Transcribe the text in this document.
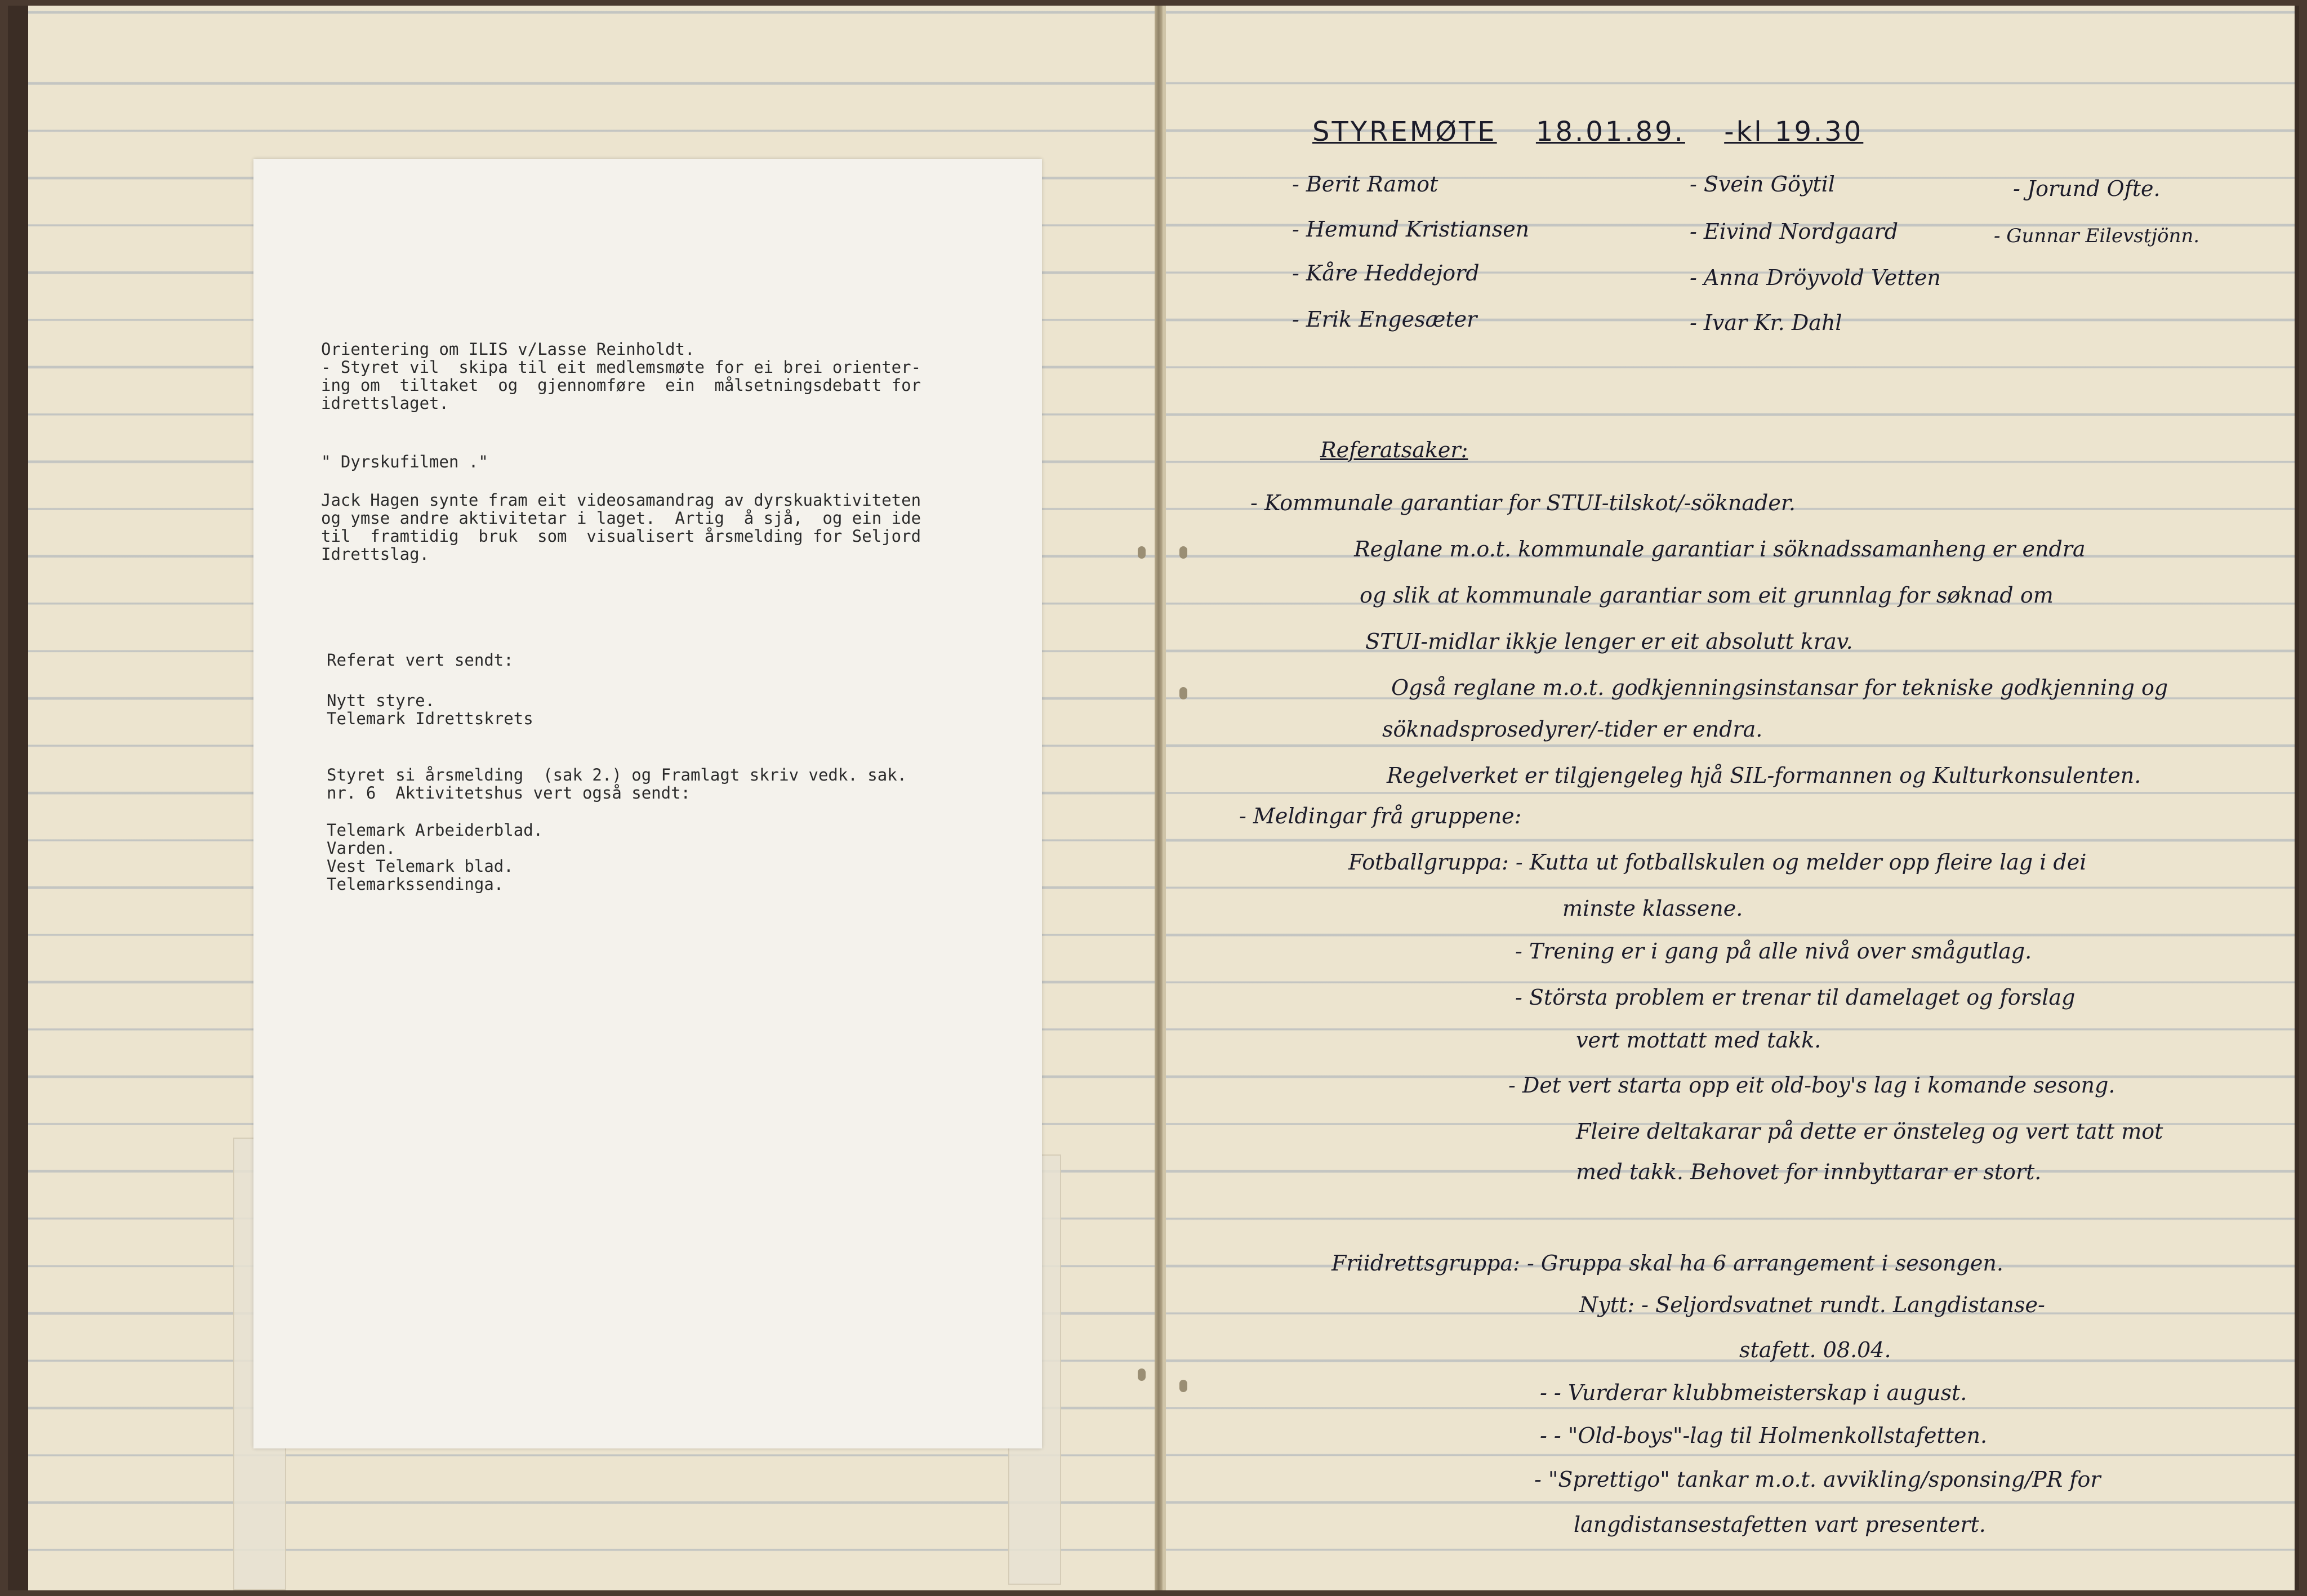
Orientering om ILIS v/Lasse Reinholdt.
- Styret vil  skipa til eit medlemsmøte for ei brei orienter-
ing om  tiltaket  og  gjennomføre  ein  målsetningsdebatt for
idrettslaget.
" Dyrskufilmen ."
Jack Hagen synte fram eit videosamandrag av dyrskuaktiviteten
og ymse andre aktivitetar i laget.  Artig  å sjå,  og ein ide
til  framtidig  bruk  som  visualisert årsmelding for Seljord
Idrettslag.
Referat vert sendt:
Nytt styre.
Telemark Idrettskrets
Styret si årsmelding  (sak 2.) og Framlagt skriv vedk. sak.
nr. 6  Aktivitetshus vert også sendt:
Telemark Arbeiderblad.
Varden.
Vest Telemark blad.
Telemarkssendinga.
STYREMØTE 18.01.89. -kl 19.30
- Berit Ramot
- Hemund Kristiansen
- Kåre Heddejord
- Erik Engesæter
- Svein Göytil
- Eivind Nordgaard
- Anna Dröyvold Vetten
- Ivar Kr. Dahl
- Jorund Ofte.
- Gunnar Eilevstjönn.
Referatsaker:
- Kommunale garantiar for STUI-tilskot/-söknader.
Reglane m.o.t. kommunale garantiar i söknadssamanheng er endra
og slik at kommunale garantiar som eit grunnlag for søknad om
STUI-midlar ikkje lenger er eit absolutt krav.
Også reglane m.o.t. godkjenningsinstansar for tekniske godkjenning og
söknadsprosedyrer/-tider er endra.
Regelverket er tilgjengeleg hjå SIL-formannen og Kulturkonsulenten.
- Meldingar frå gruppene:
Fotballgruppa: - Kutta ut fotballskulen og melder opp fleire lag i dei
minste klassene.
- Trening er i gang på alle nivå over smågutlag.
- Största problem er trenar til damelaget og forslag
vert mottatt med takk.
- Det vert starta opp eit old-boy's lag i komande sesong.
Fleire deltakarar på dette er önsteleg og vert tatt mot
med takk. Behovet for innbyttarar er stort.
Friidrettsgruppa: - Gruppa skal ha 6 arrangement i sesongen.
Nytt: - Seljordsvatnet rundt. Langdistanse-
stafett. 08.04.
- - Vurderar klubbmeisterskap i august.
- - "Old-boys"-lag til Holmenkollstafetten.
- "Sprettigo" tankar m.o.t. avvikling/sponsing/PR for
langdistansestafetten vart presentert.
